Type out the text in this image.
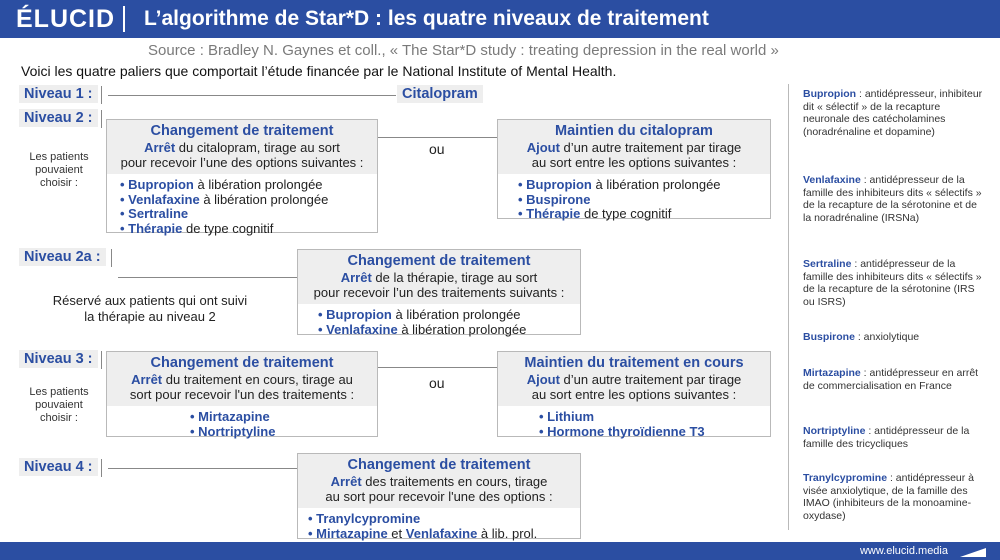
ÉLUCID L’algorithme de Star*D : les quatre niveaux de traitement
Source : Bradley N. Gaynes et coll., « The Star*D study : treating depression in the real world »
Voici les quatre paliers que comportait l’étude financée par le National Institute of Mental Health.
Niveau 1 :	Citalopram
Niveau 2 :
Les patients
pouvaient
choisir :
Changement de traitement
Arrêt du citalopram, tirage au sort
pour recevoir l’une des options suivantes :
• Bupropion à libération prolongée
• Venlafaxine à libération prolongée
• Sertraline
• Thérapie de type cognitif
ou
Maintien du citalopram
Ajout d’un autre traitement par tirage
au sort entre les options suivantes :
• Bupropion à libération prolongée
• Buspirone
• Thérapie de type cognitif
Niveau 2a :
Réservé aux patients qui ont suivi
la thérapie au niveau 2
Changement de traitement
Arrêt de la thérapie, tirage au sort
pour recevoir l’un des traitements suivants :
• Bupropion à libération prolongée
• Venlafaxine à libération prolongée
Niveau 3 :
Les patients
pouvaient
choisir :
Changement de traitement
Arrêt du traitement en cours, tirage au
sort pour recevoir l'un des traitements :
• Mirtazapine
• Nortriptyline
ou
Maintien du traitement en cours
Ajout d’un autre traitement par tirage
au sort entre les options suivantes :
• Lithium
• Hormone thyroïdienne T3
Niveau 4 :	Changement de traitement
Arrêt des traitements en cours, tirage
au sort pour recevoir l'une des options :
• Tranylcypromine
• Mirtazapine et Venlafaxine à lib. prol.
Bupropion : antidépresseur, inhibiteur dit « sélectif » de la recapture neuronale des catécholamines (noradrénaline et dopamine)
Venlafaxine : antidépresseur de la famille des inhibiteurs dits « sélectifs » de la recapture de la sérotonine et de la noradrénaline (IRSNa)
Sertraline : antidépresseur de la famille des inhibiteurs dits « sélectifs » de la recapture de la sérotonine (IRS ou ISRS)
Buspirone : anxiolytique
Mirtazapine : antidépresseur en arrêt de commercialisation en France
Nortriptyline : antidépresseur de la famille des tricycliques
Tranylcypromine : antidépresseur à visée anxiolytique, de la famille des IMAO (inhibiteurs de la monoamine-oxydase)
www.elucid.media
